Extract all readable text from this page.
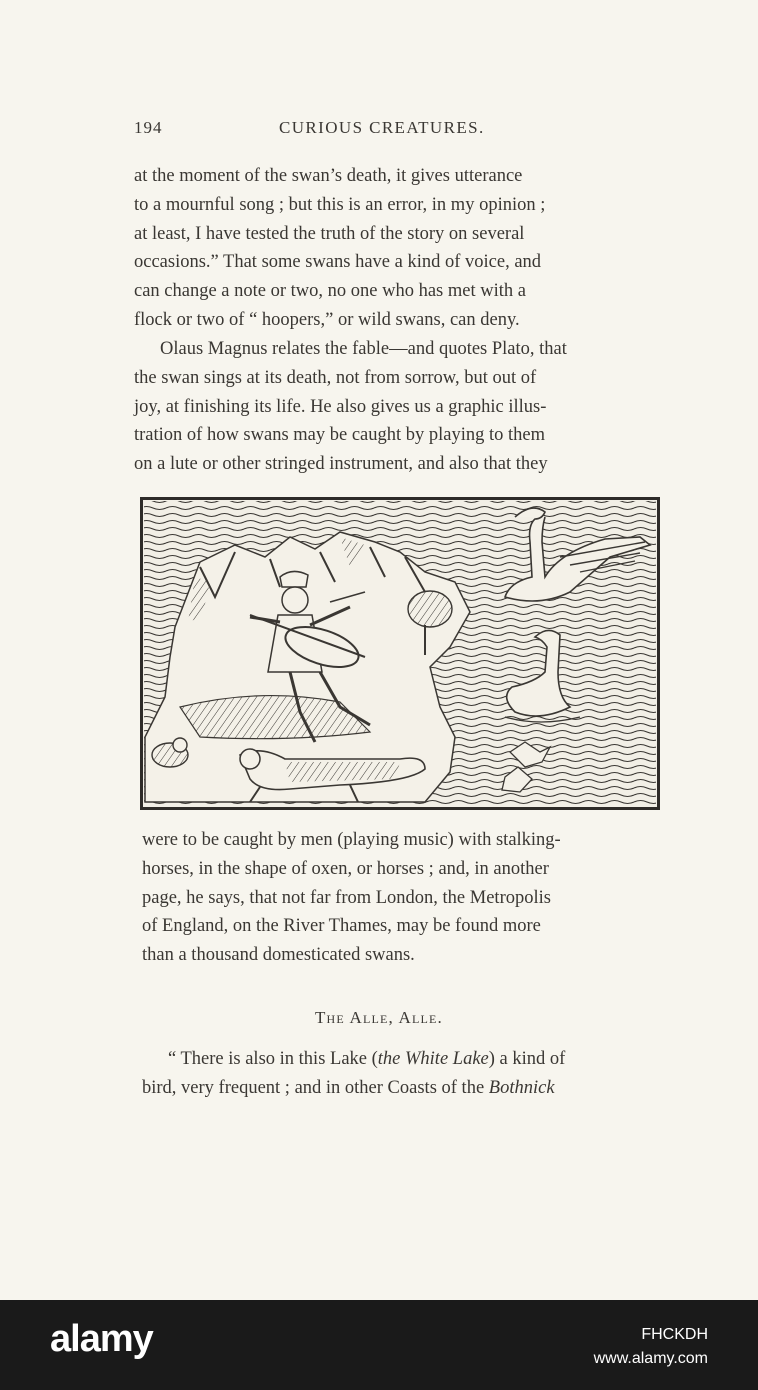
194	CURIOUS CREATURES.
at the moment of the swan’s death, it gives utterance
to a mournful song ; but this is an error, in my opinion ;
at least, I have tested the truth of the story on several
occasions.” That some swans have a kind of voice, and
can change a note or two, no one who has met with a
flock or two of “ hoopers,” or wild swans, can deny.
Olaus Magnus relates the fable—and quotes Plato, that
the swan sings at its death, not from sorrow, but out of
joy, at finishing its life. He also gives us a graphic illus-
tration of how swans may be caught by playing to them
on a lute or other stringed instrument, and also that they
were to be caught by men (playing music) with stalking-
horses, in the shape of oxen, or horses ; and, in another
page, he says, that not far from London, the Metropolis
of England, on the River Thames, may be found more
than a thousand domesticated swans.
The Alle, Alle.
“ There is also in this Lake (the White Lake) a kind of
bird, very frequent ; and in other Coasts of the Bothnick
alamy	FHCKDH
www.alamy.com
